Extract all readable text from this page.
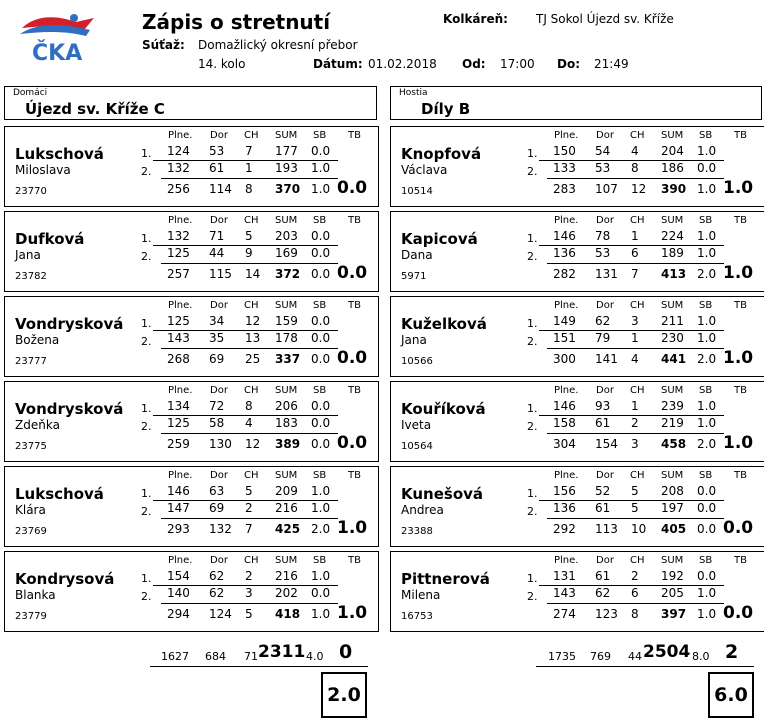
ČKA
Zápis o stretnutí	Kolkáreň: TJ Sokol Újezd sv. Kříže
Súťaž: Domažlický okresní přebor
14. kolo	Dátum: 01.02.2018 Od: 17:00 Do: 21:49
Domáci
Újezd sv. Kříže C
Hostia
Díly B
Plne. Dor CH SUM SB TB
Lukschová
Miloslava
23770
1.
2.
124 53 7 177 0.0
132 61 1 193 1.0
256 114 8 370 1.0 0.0
Plne. Dor CH SUM SB TB
Dufková
Jana
23782
1.
2.
132 71 5 203 0.0
125 44 9 169 0.0
257 115 14 372 0.0 0.0
Plne. Dor CH SUM SB TB
Vondrysková
Božena
23777
1.
2.
125 34 12 159 0.0
143 35 13 178 0.0
268 69 25 337 0.0 0.0
Plne. Dor CH SUM SB TB
Vondrysková
Zdeňka
23775
1.
2.
134 72 8 206 0.0
125 58 4 183 0.0
259 130 12 389 0.0 0.0
Plne. Dor CH SUM SB TB
Lukschová
Klára
23769
1.
2.
146 63 5 209 1.0
147 69 2 216 1.0
293 132 7 425 2.0 1.0
Plne. Dor CH SUM SB TB
Kondrysová
Blanka
23779
1.
2.
154 62 2 216 1.0
140 62 3 202 0.0
294 124 5 418 1.0 1.0
Plne. Dor CH SUM SB TB
Knopfová
Václava
10514
1.
2.
150 54 4 204 1.0
133 53 8 186 0.0
283 107 12 390 1.0 1.0
Plne. Dor CH SUM SB TB
Kapicová
Dana
5971
1.
2.
146 78 1 224 1.0
136 53 6 189 1.0
282 131 7 413 2.0 1.0
Plne. Dor CH SUM SB TB
Kuželková
Jana
10566
1.
2.
149 62 3 211 1.0
151 79 1 230 1.0
300 141 4 441 2.0 1.0
Plne. Dor CH SUM SB TB
Kouříková
Iveta
10564
1.
2.
146 93 1 239 1.0
158 61 2 219 1.0
304 154 3 458 2.0 1.0
Plne. Dor CH SUM SB TB
Kunešová
Andrea
23388
1.
2.
156 52 5 208 0.0
136 61 5 197 0.0
292 113 10 405 0.0 0.0
Plne. Dor CH SUM SB TB
Pittnerová
Milena
16753
1.
2.
131 61 2 192 0.0
143 62 6 205 1.0
274 123 8 397 1.0 0.0
1627 684 71 2311 4.0 0
2.0
1735 769 44 2504 8.0 2
6.0
